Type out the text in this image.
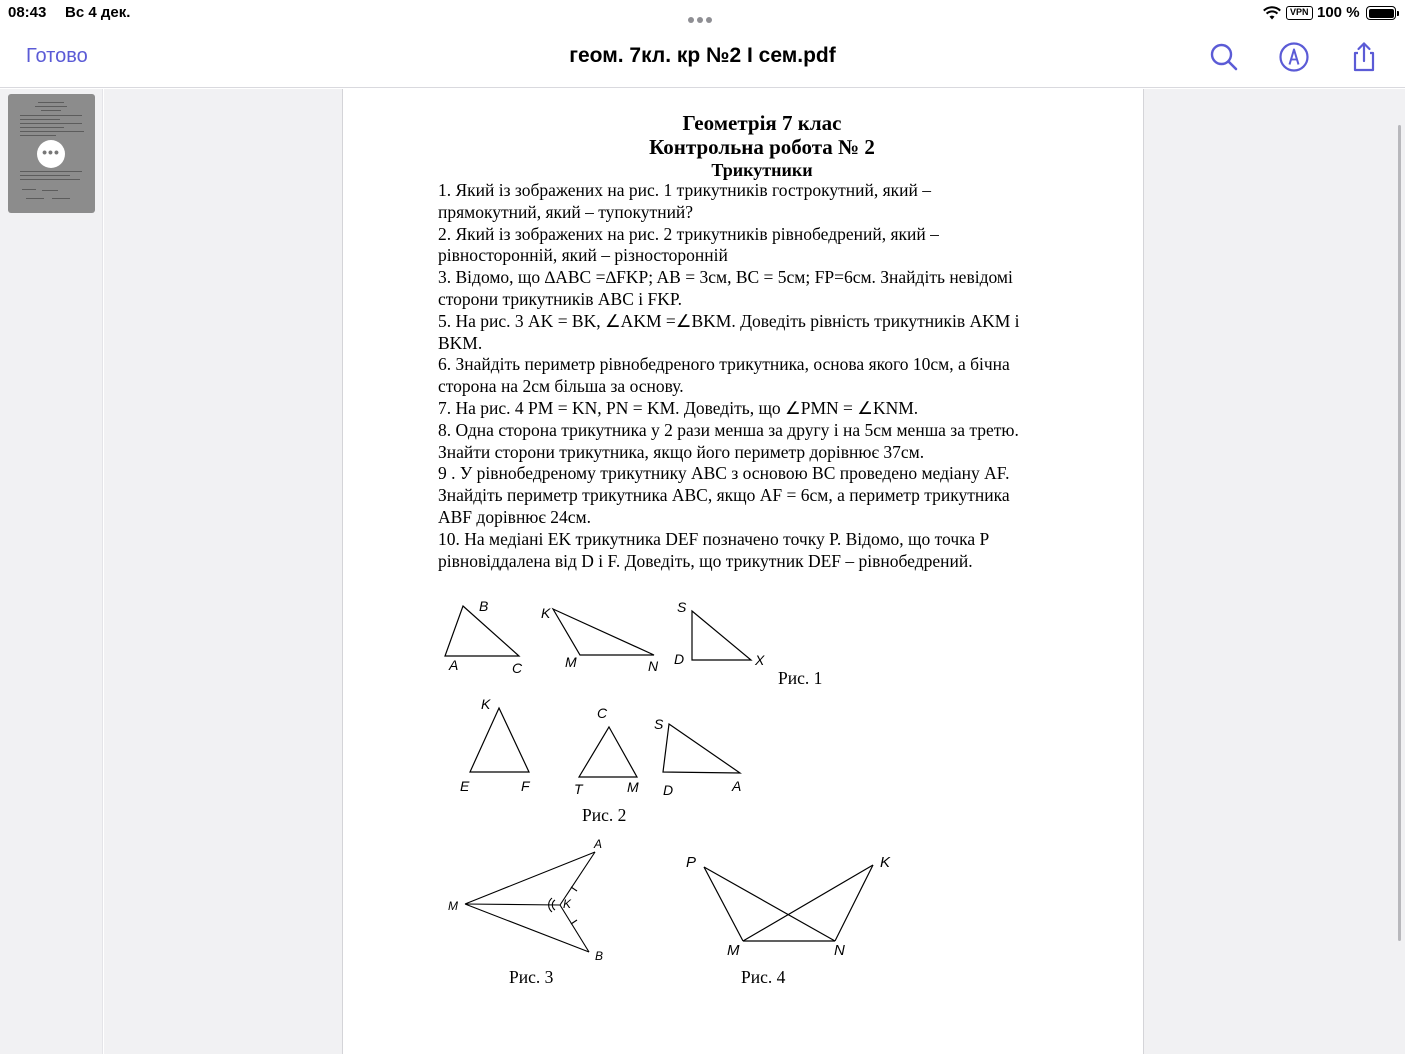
08:43 Вс 4 дек.	VPN 100 %
Готово	геом. 7кл. кр №2 I сем.pdf
•••
Геометрія 7 клас
Контрольна робота № 2
Трикутники

1. Який із зображених на рис. 1 трикутників гострокутний, який –

прямокутний, який – тупокутний?

2. Який із зображених на рис. 2 трикутників рівнобедрений, який –

рівносторонній, який – різносторонній

3. Відомо, що ∆ABC =∆FKP; AB = 3см, BC = 5см; FP=6см. Знайдіть невідомі

сторони трикутників ABC і FKP.

5. На рис. 3 AK = BK, ∠AKM =∠BKM. Доведіть рівність трикутників AKM і

BKM.

6. Знайдіть периметр рівнобедреного трикутника, основа якого 10см, а бічна

сторона на 2см більша за основу.

7. На рис. 4 PM = KN, PN = KM. Доведіть, що ∠PMN = ∠KNM.

8. Одна сторона трикутника у 2 рази менша за другу і на 5см менша за третю.

Знайти сторони трикутника, якщо його периметр дорівнює 37см.

9 . У рівнобедреному трикутнику ABC з основою BC проведено медіану AF.

Знайдіть периметр трикутника ABC, якщо AF = 6см, а периметр трикутника

ABF дорівнює 24см.

10. На медіані EK трикутника DEF позначено точку P. Відомо, що точка P

рівновіддалена від D і F. Доведіть, що трикутник DEF – рівнобедрений.

B
A	C
K
M	N
S
D	X
K
E	F
C
T	M
S
D	A
A
M	K
B
P	K
M	N
Рис. 1
Рис. 2
Рис. 3	Рис. 4
